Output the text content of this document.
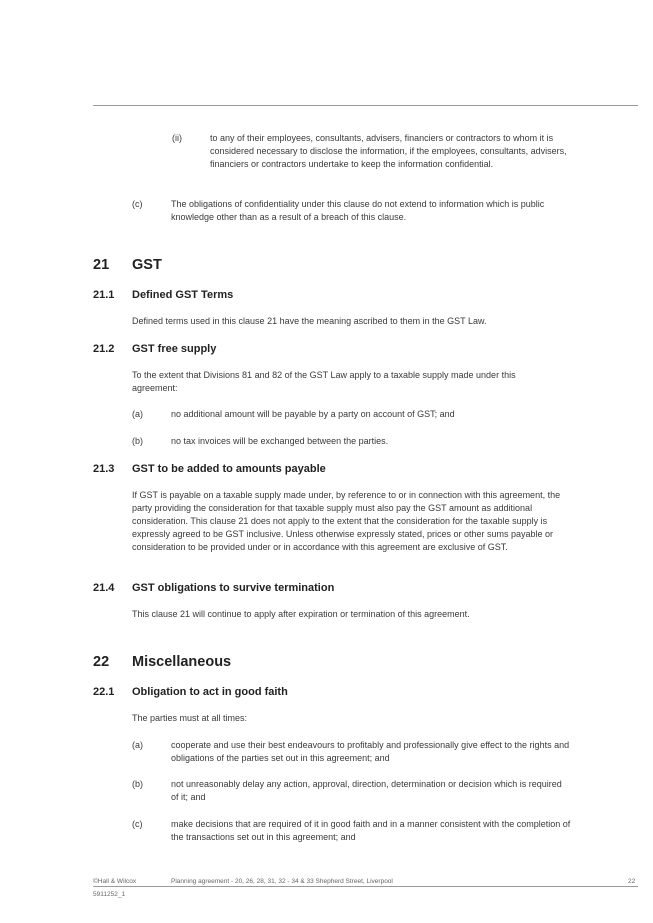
(ii)	to any of their employees, consultants, advisers, financiers or contractors to whom it is considered necessary to disclose the information, if the employees, consultants, advisers, financiers or contractors undertake to keep the information confidential.
(c)	The obligations of confidentiality under this clause do not extend to information which is public knowledge other than as a result of a breach of this clause.
21 GST
21.1 Defined GST Terms
Defined terms used in this clause 21 have the meaning ascribed to them in the GST Law.
21.2 GST free supply
To the extent that Divisions 81 and 82 of the GST Law apply to a taxable supply made under this agreement:
(a)	no additional amount will be payable by a party on account of GST; and
(b)	no tax invoices will be exchanged between the parties.
21.3 GST to be added to amounts payable
If GST is payable on a taxable supply made under, by reference to or in connection with this agreement, the party providing the consideration for that taxable supply must also pay the GST amount as additional consideration. This clause 21 does not apply to the extent that the consideration for the taxable supply is expressly agreed to be GST inclusive. Unless otherwise expressly stated, prices or other sums payable or consideration to be provided under or in accordance with this agreement are exclusive of GST.
21.4 GST obligations to survive termination
This clause 21 will continue to apply after expiration or termination of this agreement.
22 Miscellaneous
22.1 Obligation to act in good faith
The parties must at all times:
(a)	cooperate and use their best endeavours to profitably and professionally give effect to the rights and obligations of the parties set out in this agreement; and
(b)	not unreasonably delay any action, approval, direction, determination or decision which is required of it; and
(c)	make decisions that are required of it in good faith and in a manner consistent with the completion of the transactions set out in this agreement; and
©Hall & Wilcox	Planning agreement - 20, 26, 28, 31, 32 - 34 & 33 Shepherd Street, Liverpool	22
5911252_1
